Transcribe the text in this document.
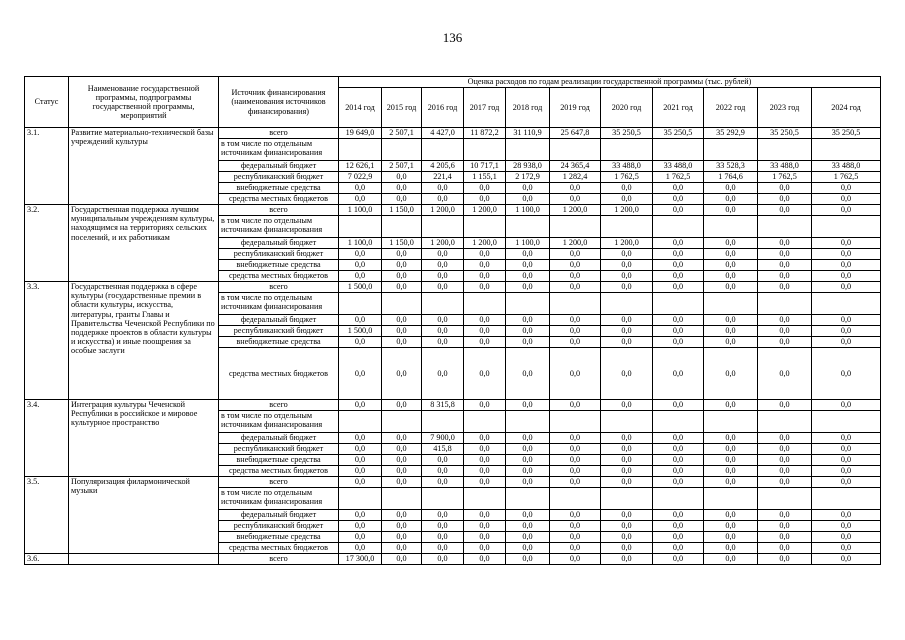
136
Статус	Наименование государственной программы, подпрограммы государственной программы, мероприятий	Источник финансирования (наименования источников финансирования)	Оценка расходов по годам реализации государственной программы (тыс. рублей)										
			2014 год	2015 год	2016 год	2017 год	2018 год	2019 год	2020 год	2021 год	2022 год	2023 год	2024 год
3.1.	Развитие материально-технической базы учреждений культуры	всего	19 649,0	2 507,1	4 427,0	11 872,2	31 110,9	25 647,8	35 250,5	35 250,5	35 292,9	35 250,5	35 250,5
		в том числе по отдельным источникам финансирования											
		федеральный бюджет	12 626,1	2 507,1	4 205,6	10 717,1	28 938,0	24 365,4	33 488,0	33 488,0	33 528,3	33 488,0	33 488,0
		республиканский бюджет	7 022,9	0,0	221,4	1 155,1	2 172,9	1 282,4	1 762,5	1 762,5	1 764,6	1 762,5	1 762,5
		внебюджетные средства	0,0	0,0	0,0	0,0	0,0	0,0	0,0	0,0	0,0	0,0	0,0
		средства местных бюджетов	0,0	0,0	0,0	0,0	0,0	0,0	0,0	0,0	0,0	0,0	0,0
3.2.	Государственная поддержка лучшим муниципальным учреждениям культуры, находящимся на территориях сельских поселений, и их работникам	всего	1 100,0	1 150,0	1 200,0	1 200,0	1 100,0	1 200,0	1 200,0	0,0	0,0	0,0	0,0
		в том числе по отдельным источникам финансирования											
		федеральный бюджет	1 100,0	1 150,0	1 200,0	1 200,0	1 100,0	1 200,0	1 200,0	0,0	0,0	0,0	0,0
		республиканский бюджет	0,0	0,0	0,0	0,0	0,0	0,0	0,0	0,0	0,0	0,0	0,0
		внебюджетные средства	0,0	0,0	0,0	0,0	0,0	0,0	0,0	0,0	0,0	0,0	0,0
		средства местных бюджетов	0,0	0,0	0,0	0,0	0,0	0,0	0,0	0,0	0,0	0,0	0,0
3.3.	Государственная поддержка в сфере культуры (государственные премии в области культуры, искусства, литературы, гранты Главы и Правительства Чеченской Республики по поддержке проектов в области культуры и искусства) и иные поощрения за особые заслуги	всего	1 500,0	0,0	0,0	0,0	0,0	0,0	0,0	0,0	0,0	0,0	0,0
		в том числе по отдельным источникам финансирования											
		федеральный бюджет	0,0	0,0	0,0	0,0	0,0	0,0	0,0	0,0	0,0	0,0	0,0
		республиканский бюджет	1 500,0	0,0	0,0	0,0	0,0	0,0	0,0	0,0	0,0	0,0	0,0
		внебюджетные средства	0,0	0,0	0,0	0,0	0,0	0,0	0,0	0,0	0,0	0,0	0,0
		средства местных бюджетов	0,0	0,0	0,0	0,0	0,0	0,0	0,0	0,0	0,0	0,0	0,0
3.4.	Интеграция культуры Чеченской Республики в российское и мировое культурное пространство	всего	0,0	0,0	8 315,8	0,0	0,0	0,0	0,0	0,0	0,0	0,0	0,0
		в том числе по отдельным источникам финансирования											
		федеральный бюджет	0,0	0,0	7 900,0	0,0	0,0	0,0	0,0	0,0	0,0	0,0	0,0
		республиканский бюджет	0,0	0,0	415,8	0,0	0,0	0,0	0,0	0,0	0,0	0,0	0,0
		внебюджетные средства	0,0	0,0	0,0	0,0	0,0	0,0	0,0	0,0	0,0	0,0	0,0
		средства местных бюджетов	0,0	0,0	0,0	0,0	0,0	0,0	0,0	0,0	0,0	0,0	0,0
3.5.	Популяризация филармонической музыки	всего	0,0	0,0	0,0	0,0	0,0	0,0	0,0	0,0	0,0	0,0	0,0
		в том числе по отдельным источникам финансирования											
		федеральный бюджет	0,0	0,0	0,0	0,0	0,0	0,0	0,0	0,0	0,0	0,0	0,0
		республиканский бюджет	0,0	0,0	0,0	0,0	0,0	0,0	0,0	0,0	0,0	0,0	0,0
		внебюджетные средства	0,0	0,0	0,0	0,0	0,0	0,0	0,0	0,0	0,0	0,0	0,0
		средства местных бюджетов	0,0	0,0	0,0	0,0	0,0	0,0	0,0	0,0	0,0	0,0	0,0
3.6.		всего	17 300,0	0,0	0,0	0,0	0,0	0,0	0,0	0,0	0,0	0,0	0,0
